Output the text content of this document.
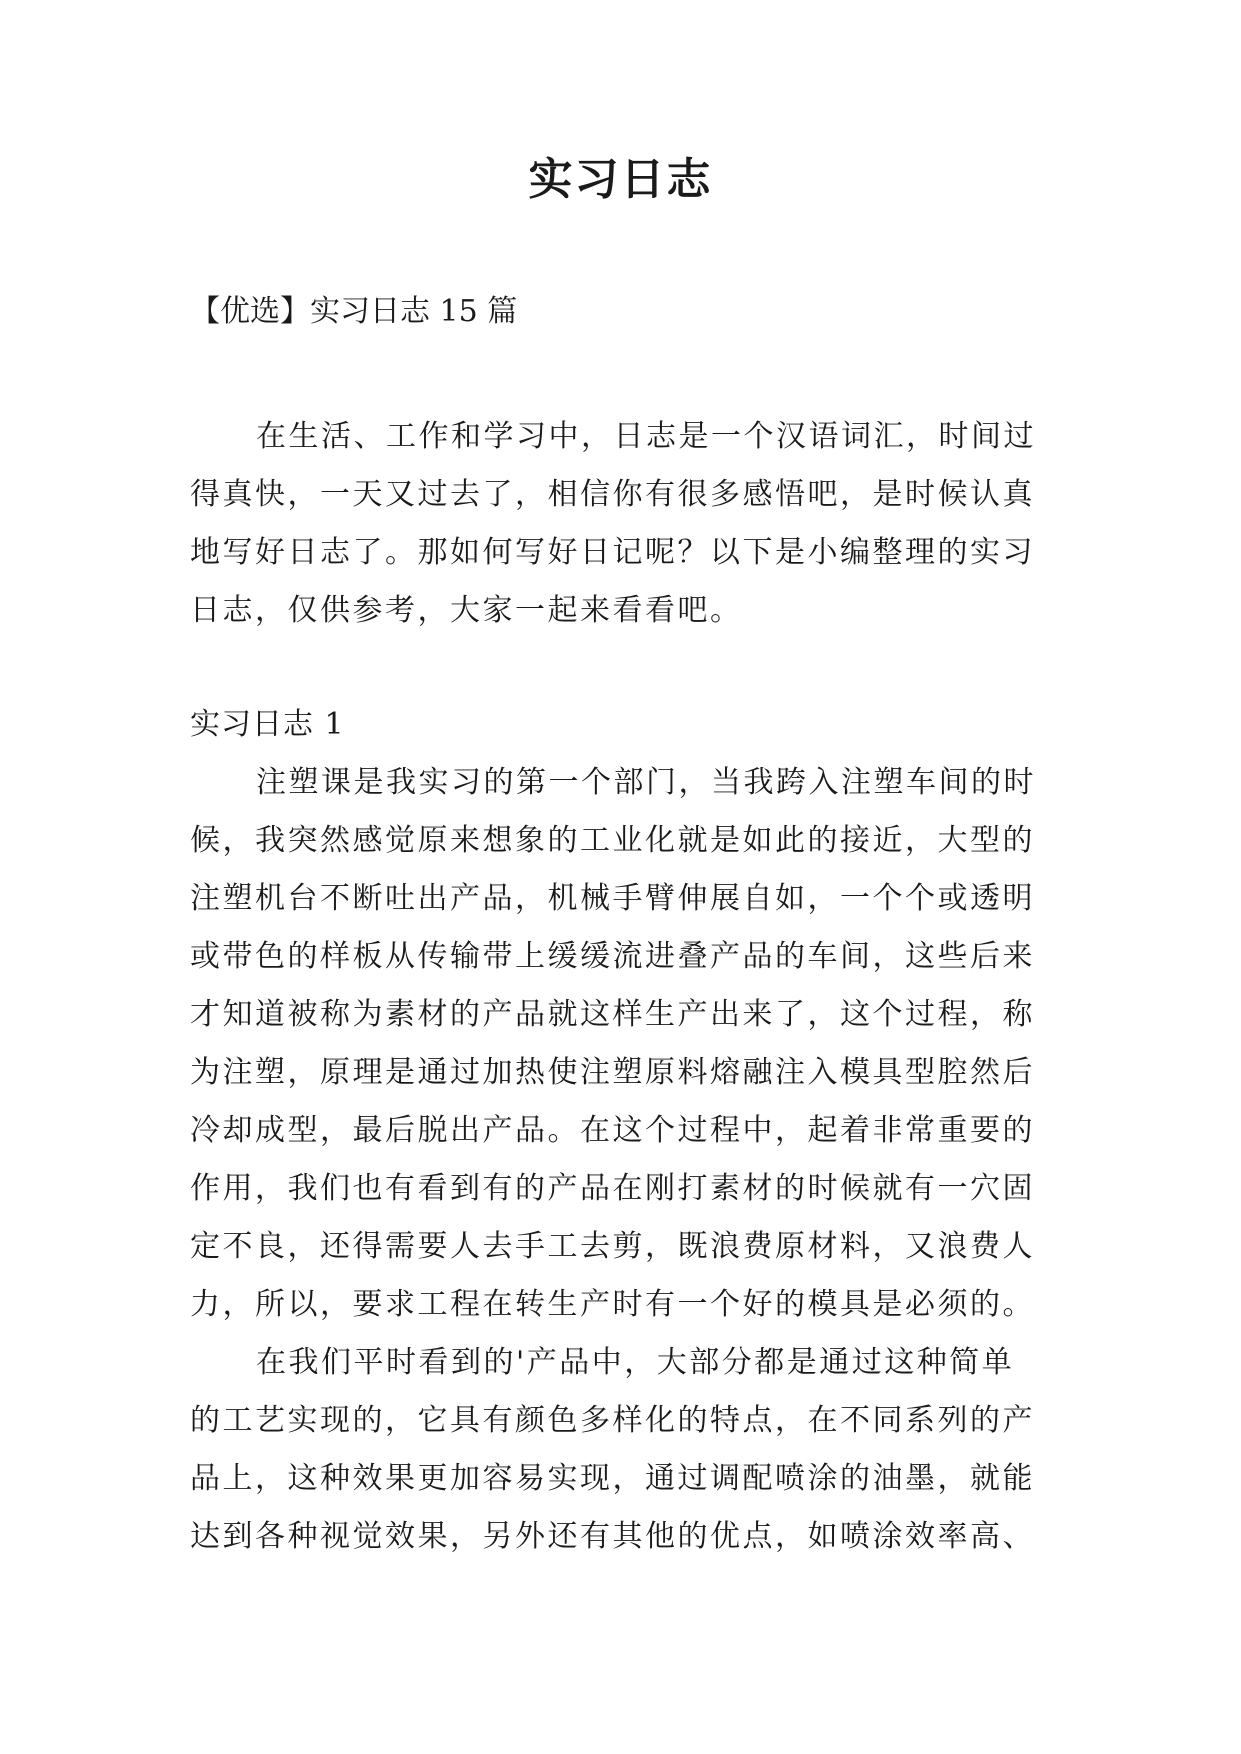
实习日志

【优选】实习日志 15 篇

在生活、工作和学习中，日志是一个汉语词汇，时间过
得真快，一天又过去了，相信你有很多感悟吧，是时候认真
地写好日志了。那如何写好日记呢？以下是小编整理的实习
日志，仅供参考，大家一起来看看吧。
实习日志 1
注塑课是我实习的第一个部门，当我跨入注塑车间的时
候，我突然感觉原来想象的工业化就是如此的接近，大型的
注塑机台不断吐出产品，机械手臂伸展自如，一个个或透明
或带色的样板从传输带上缓缓流进叠产品的车间，这些后来
才知道被称为素材的产品就这样生产出来了，这个过程，称
为注塑，原理是通过加热使注塑原料熔融注入模具型腔然后
冷却成型，最后脱出产品。在这个过程中，起着非常重要的
作用，我们也有看到有的产品在刚打素材的时候就有一穴固
定不良，还得需要人去手工去剪，既浪费原材料，又浪费人
力，所以，要求工程在转生产时有一个好的模具是必须的。
在我们平时看到的'产品中，大部分都是通过这种简单
的工艺实现的，它具有颜色多样化的特点，在不同系列的产
品上，这种效果更加容易实现，通过调配喷涂的油墨，就能
达到各种视觉效果，另外还有其他的优点，如喷涂效率高、
